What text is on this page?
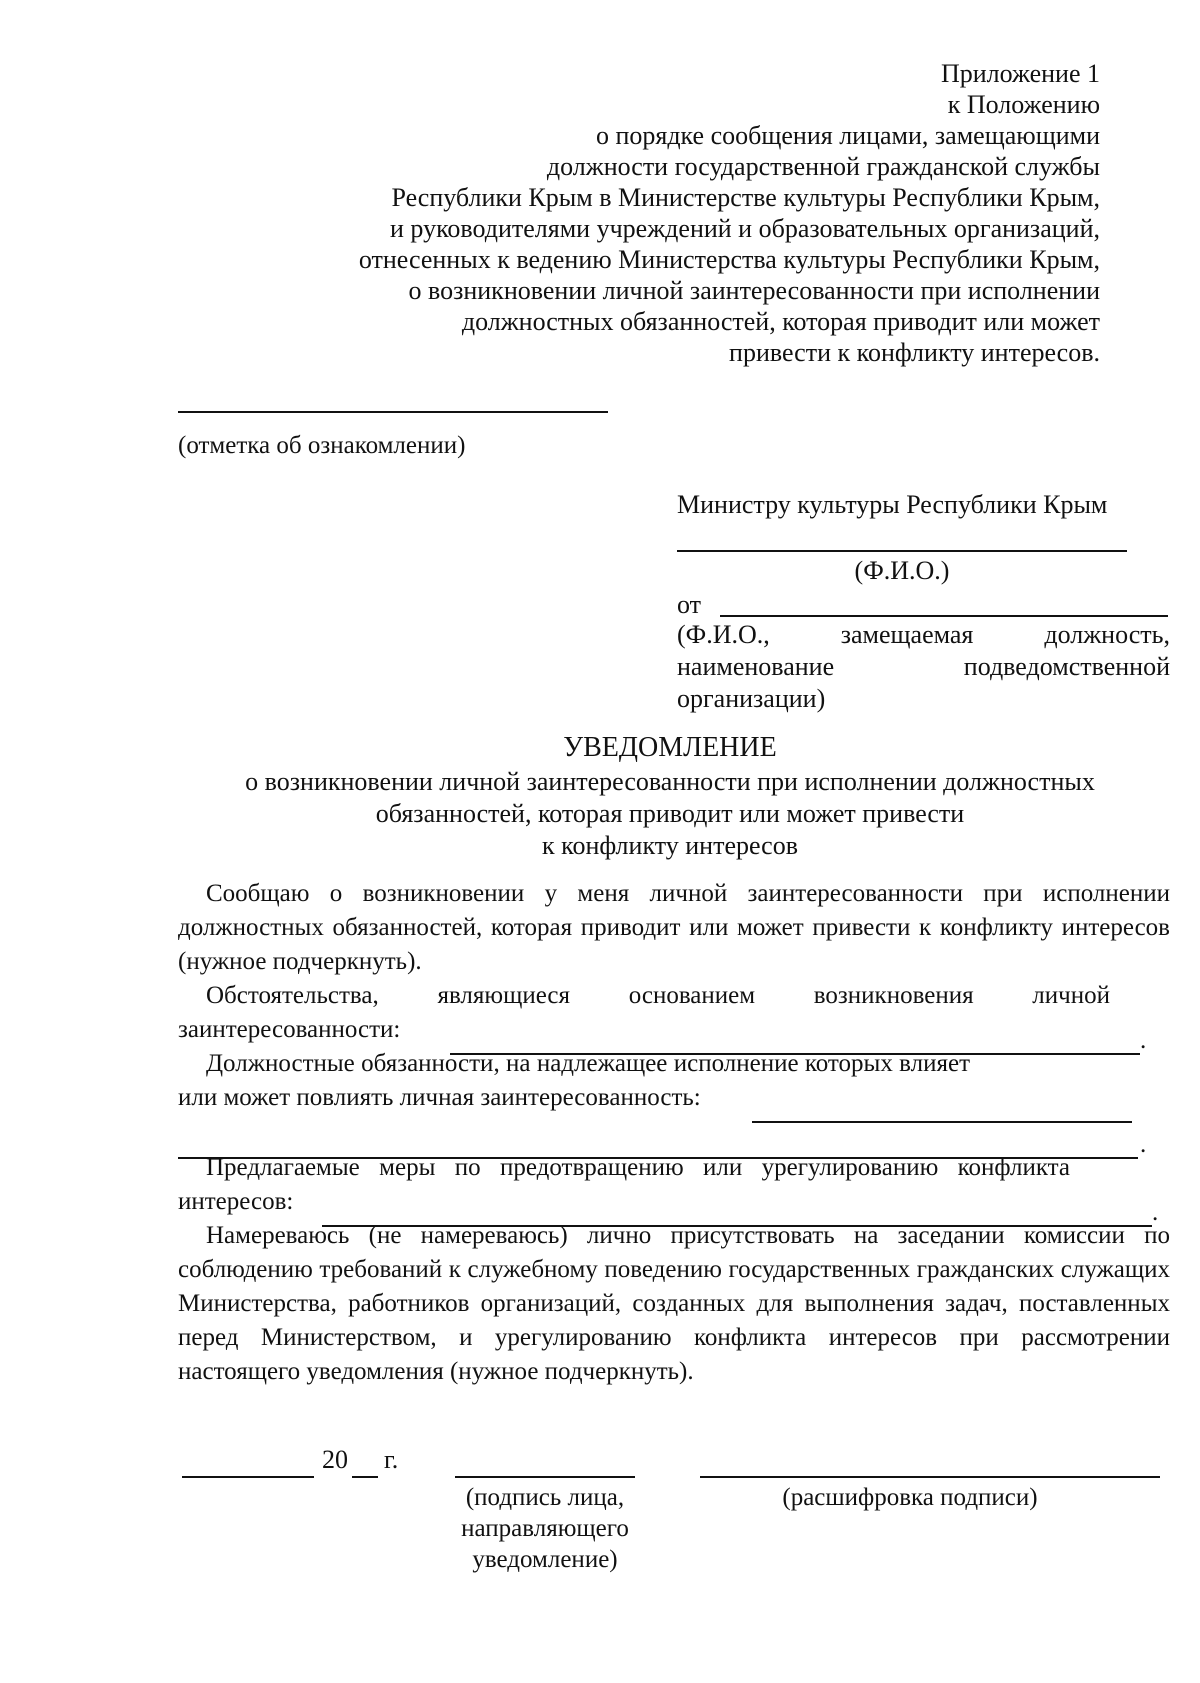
Приложение 1
к Положению
о порядке сообщения лицами, замещающими
должности государственной гражданской службы
Республики Крым в Министерстве культуры Республики Крым,
и руководителями учреждений и образовательных организаций,
отнесенных к ведению Министерства культуры Республики Крым,
о возникновении личной заинтересованности при исполнении
должностных обязанностей, которая приводит или может
привести к конфликту интересов.
(отметка об ознакомлении)
Министру культуры Республики Крым
(Ф.И.О.)
от
(Ф.И.О., замещаемая должность,
наименование подведомственной
организации)
УВЕДОМЛЕНИЕ
о возникновении личной заинтересованности при исполнении должностных
обязанностей, которая приводит или может привести
к конфликту интересов

Сообщаю о возникновении у меня личной заинтересованности при исполнении должностных обязанностей, которая приводит или может привести к конфликту интересов (нужное подчеркнуть).

Обстоятельства, являющиеся основанием возникновения личной заинтересованности:

Должностные обязанности, на надлежащее исполнение которых влияет или может повлиять личная заинтересованность:

Предлагаемые меры по предотвращению или урегулированию конфликта интересов:

Намереваюсь (не намереваюсь) лично присутствовать на заседании комиссии по соблюдению требований к служебному поведению государственных гражданских служащих Министерства, работников организаций, созданных для выполнения задач, поставленных перед Министерством, и урегулированию конфликта интересов при рассмотрении настоящего уведомления (нужное подчеркнуть).

.
.
.
20 г.
(подпись лица,
направляющего
уведомление)
(расшифровка подписи)
